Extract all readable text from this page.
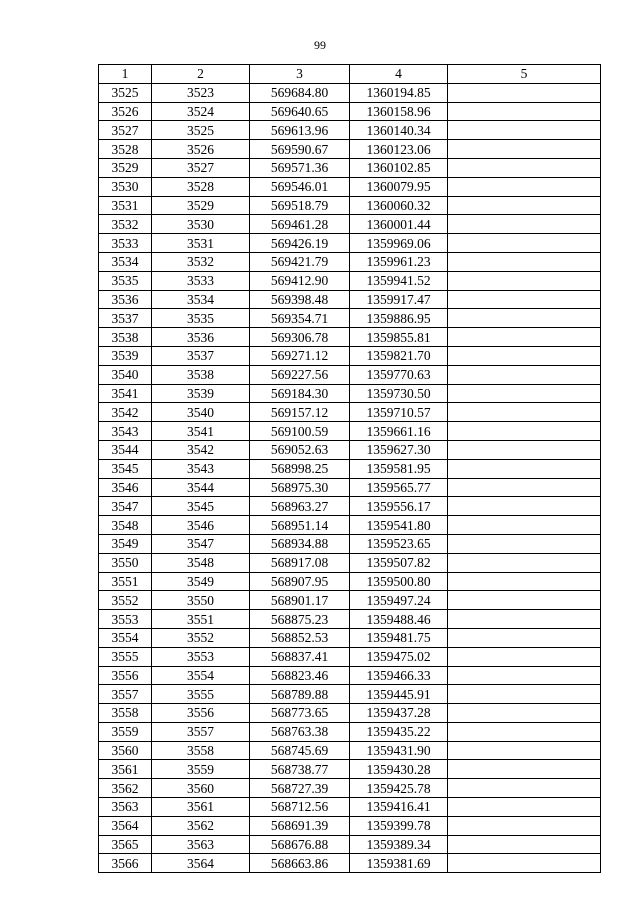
99
1	2	3	4	5
3525	3523	569684.80	1360194.85	
3526	3524	569640.65	1360158.96	
3527	3525	569613.96	1360140.34	
3528	3526	569590.67	1360123.06	
3529	3527	569571.36	1360102.85	
3530	3528	569546.01	1360079.95	
3531	3529	569518.79	1360060.32	
3532	3530	569461.28	1360001.44	
3533	3531	569426.19	1359969.06	
3534	3532	569421.79	1359961.23	
3535	3533	569412.90	1359941.52	
3536	3534	569398.48	1359917.47	
3537	3535	569354.71	1359886.95	
3538	3536	569306.78	1359855.81	
3539	3537	569271.12	1359821.70	
3540	3538	569227.56	1359770.63	
3541	3539	569184.30	1359730.50	
3542	3540	569157.12	1359710.57	
3543	3541	569100.59	1359661.16	
3544	3542	569052.63	1359627.30	
3545	3543	568998.25	1359581.95	
3546	3544	568975.30	1359565.77	
3547	3545	568963.27	1359556.17	
3548	3546	568951.14	1359541.80	
3549	3547	568934.88	1359523.65	
3550	3548	568917.08	1359507.82	
3551	3549	568907.95	1359500.80	
3552	3550	568901.17	1359497.24	
3553	3551	568875.23	1359488.46	
3554	3552	568852.53	1359481.75	
3555	3553	568837.41	1359475.02	
3556	3554	568823.46	1359466.33	
3557	3555	568789.88	1359445.91	
3558	3556	568773.65	1359437.28	
3559	3557	568763.38	1359435.22	
3560	3558	568745.69	1359431.90	
3561	3559	568738.77	1359430.28	
3562	3560	568727.39	1359425.78	
3563	3561	568712.56	1359416.41	
3564	3562	568691.39	1359399.78	
3565	3563	568676.88	1359389.34	
3566	3564	568663.86	1359381.69	
